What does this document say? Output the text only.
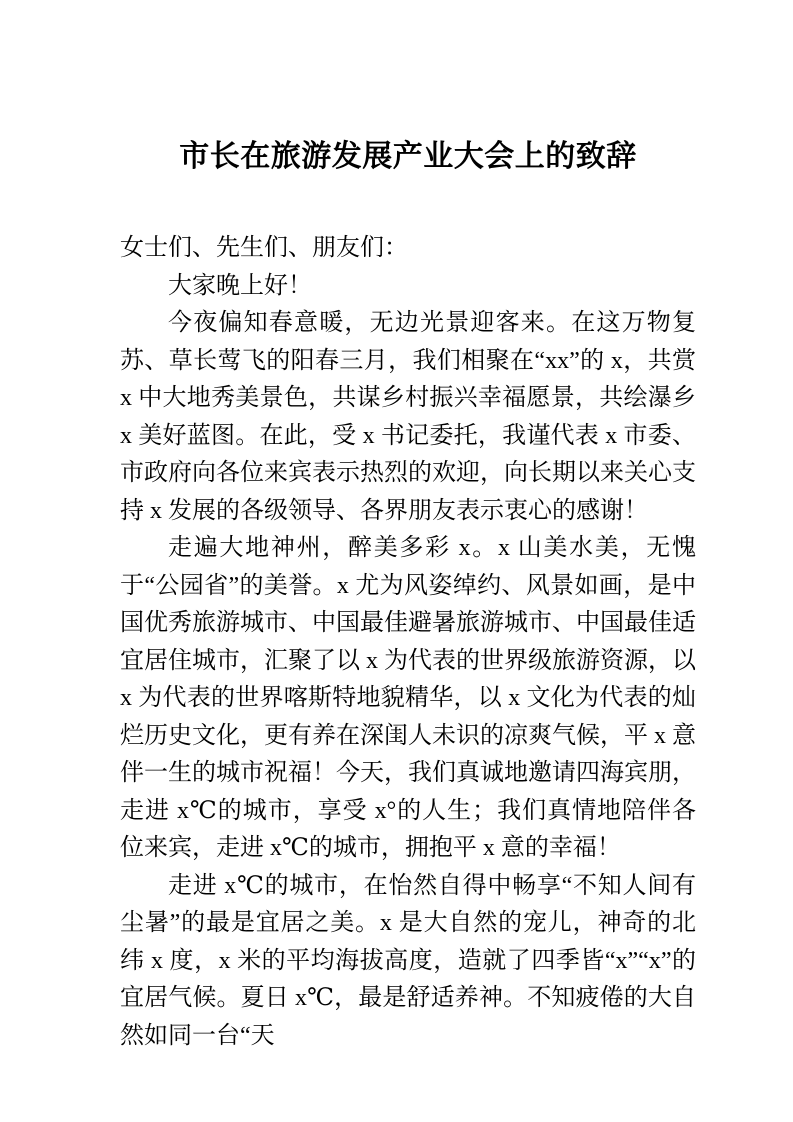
市长在旅游发展产业大会上的致辞

女士们、先生们、朋友们：

大家晚上好！

今夜偏知春意暖，无边光景迎客来。在这万物复苏、草长莺飞的阳春三月，我们相聚在“xx”的 x，共赏 x 中大地秀美景色，共谋乡村振兴幸福愿景，共绘瀑乡 x 美好蓝图。在此，受 x 书记委托，我谨代表 x 市委、市政府向各位来宾表示热烈的欢迎，向长期以来关心支持 x 发展的各级领导、各界朋友表示衷心的感谢！

走遍大地神州，醉美多彩 x。x 山美水美，无愧于“公园省”的美誉。x 尤为风姿绰约、风景如画，是中国优秀旅游城市、中国最佳避暑旅游城市、中国最佳适宜居住城市，汇聚了以 x 为代表的世界级旅游资源，以 x 为代表的世界喀斯特地貌精华，以 x 文化为代表的灿烂历史文化，更有养在深闺人未识的凉爽气候，平 x 意伴一生的城市祝福！今天，我们真诚地邀请四海宾朋，走进 x℃的城市，享受 x°的人生；我们真情地陪伴各位来宾，走进 x℃的城市，拥抱平 x 意的幸福！

走进 x℃的城市，在怡然自得中畅享“不知人间有尘暑”的最是宜居之美。x 是大自然的宠儿，神奇的北纬 x 度，x 米的平均海拔高度，造就了四季皆“x”“x”的宜居气候。夏日 x℃，最是舒适养神。不知疲倦的大自然如同一台“天
